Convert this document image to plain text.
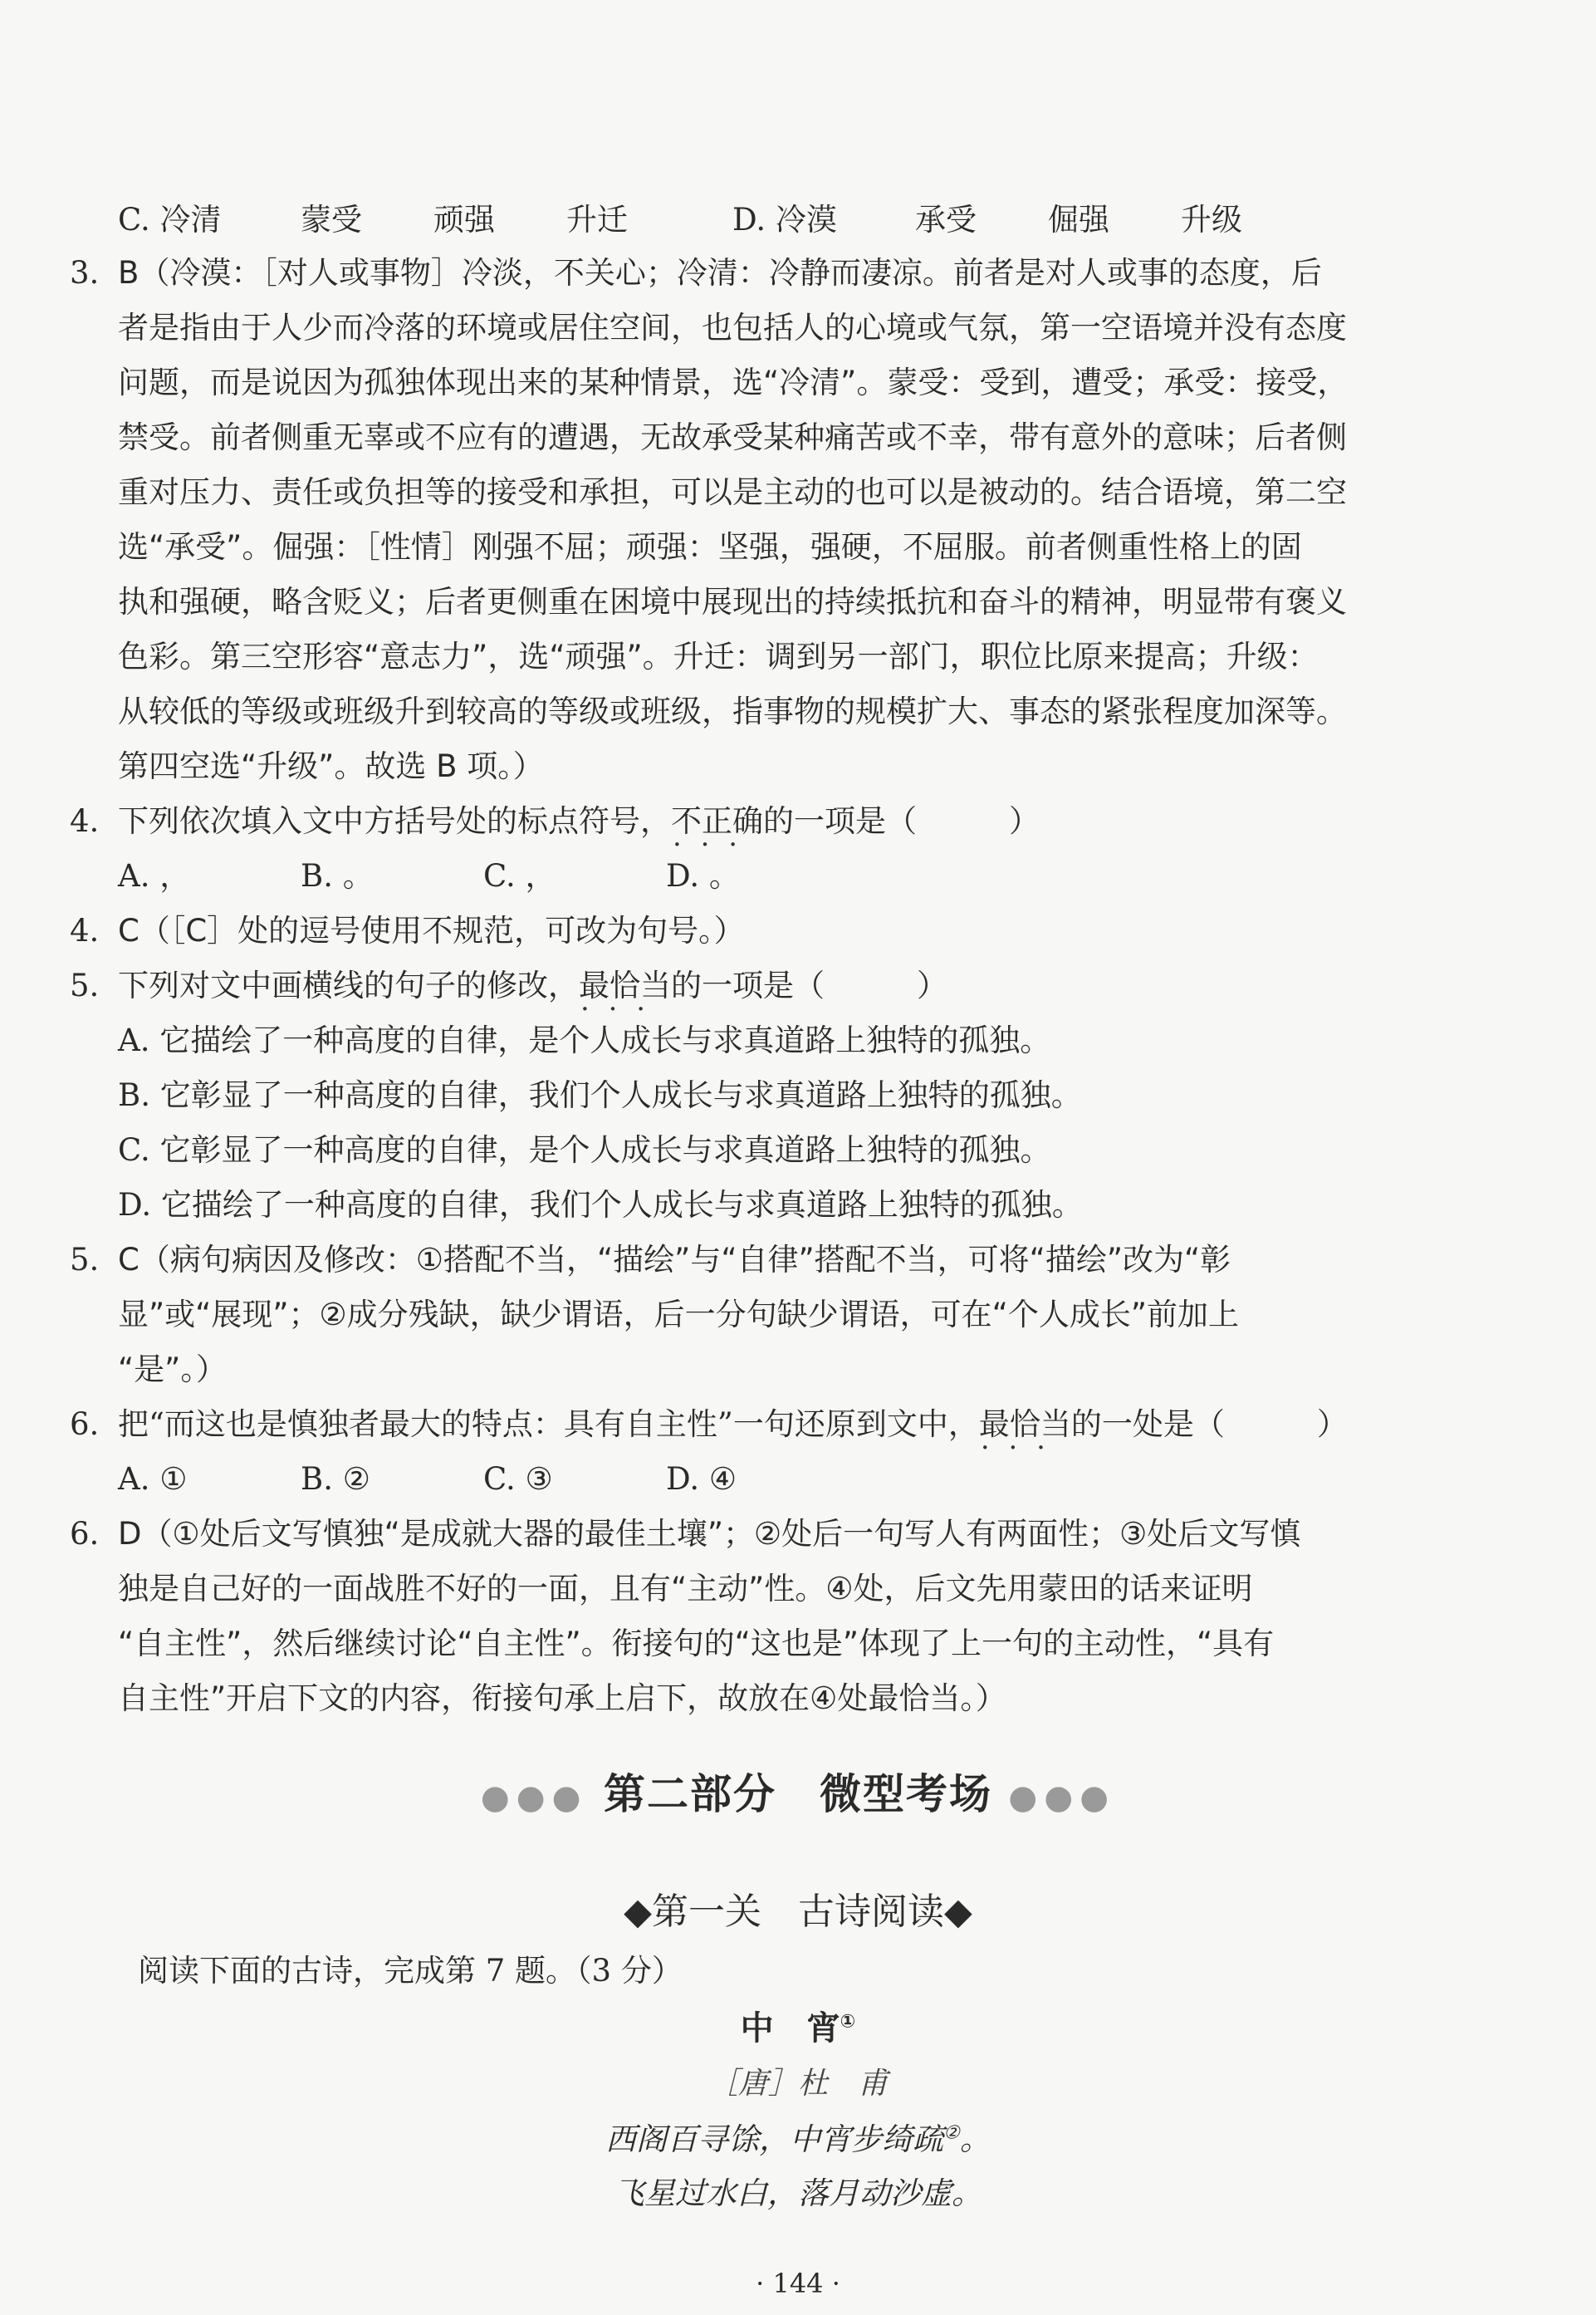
C. 冷清	蒙受 顽强 升迁	D. 冷漠	承受 倔强 升级
3. B（冷漠：［对人或事物］冷淡，不关心；冷清：冷静而凄凉。前者是对人或事的态度，后
者是指由于人少而冷落的环境或居住空间，也包括人的心境或气氛，第一空语境并没有态度
问题，而是说因为孤独体现出来的某种情景，选“冷清”。蒙受：受到，遭受；承受：接受，
禁受。前者侧重无辜或不应有的遭遇，无故承受某种痛苦或不幸，带有意外的意味；后者侧
重对压力、责任或负担等的接受和承担，可以是主动的也可以是被动的。结合语境，第二空
选“承受”。倔强：［性情］刚强不屈；顽强：坚强，强硬，不屈服。前者侧重性格上的固
执和强硬，略含贬义；后者更侧重在困境中展现出的持续抵抗和奋斗的精神，明显带有褒义
色彩。第三空形容“意志力”，选“顽强”。升迁：调到另一部门，职位比原来提高；升级：
从较低的等级或班级升到较高的等级或班级，指事物的规模扩大、事态的紧张程度加深等。
第四空选“升级”。故选 B 项。）
4. 下列依次填入文中方括号处的标点符号，不正确 · · ·的一项是（　　　）
A. ，	B. 。	C. ，	D. 。
4. C（［C］处的逗号使用不规范，可改为句号。）
5. 下列对文中画横线的句子的修改，最恰当 · · ·的一项是（　　　）
A. 它描绘了一种高度的自律，是个人成长与求真道路上独特的孤独。
B. 它彰显了一种高度的自律，我们个人成长与求真道路上独特的孤独。
C. 它彰显了一种高度的自律，是个人成长与求真道路上独特的孤独。
D. 它描绘了一种高度的自律，我们个人成长与求真道路上独特的孤独。
5. C（病句病因及修改：①搭配不当，“描绘”与“自律”搭配不当，可将“描绘”改为“彰
显”或“展现”；②成分残缺，缺少谓语，后一分句缺少谓语，可在“个人成长”前加上
“是”。）
6. 把“而这也是慎独者最大的特点：具有自主性”一句还原到文中，最恰当 · · ·的一处是（　　　）
A. ①	B. ②	C. ③	D. ④
6. D（①处后文写慎独“是成就大器的最佳土壤”；②处后一句写人有两面性；③处后文写慎
独是自己好的一面战胜不好的一面，且有“主动”性。④处，后文先用蒙田的话来证明
“自主性”，然后继续讨论“自主性”。衔接句的“这也是”体现了上一句的主动性，“具有
自主性”开启下文的内容，衔接句承上启下，故放在④处最恰当。）
●●● 第二部分　微型考场 ●●●
◆第一关　古诗阅读◆
阅读下面的古诗，完成第 7 题。（3 分）
中　宵①
［唐］杜　甫
西阁百寻馀，中宵步绮疏②。
飞星过水白，落月动沙虚。
· 144 ·
